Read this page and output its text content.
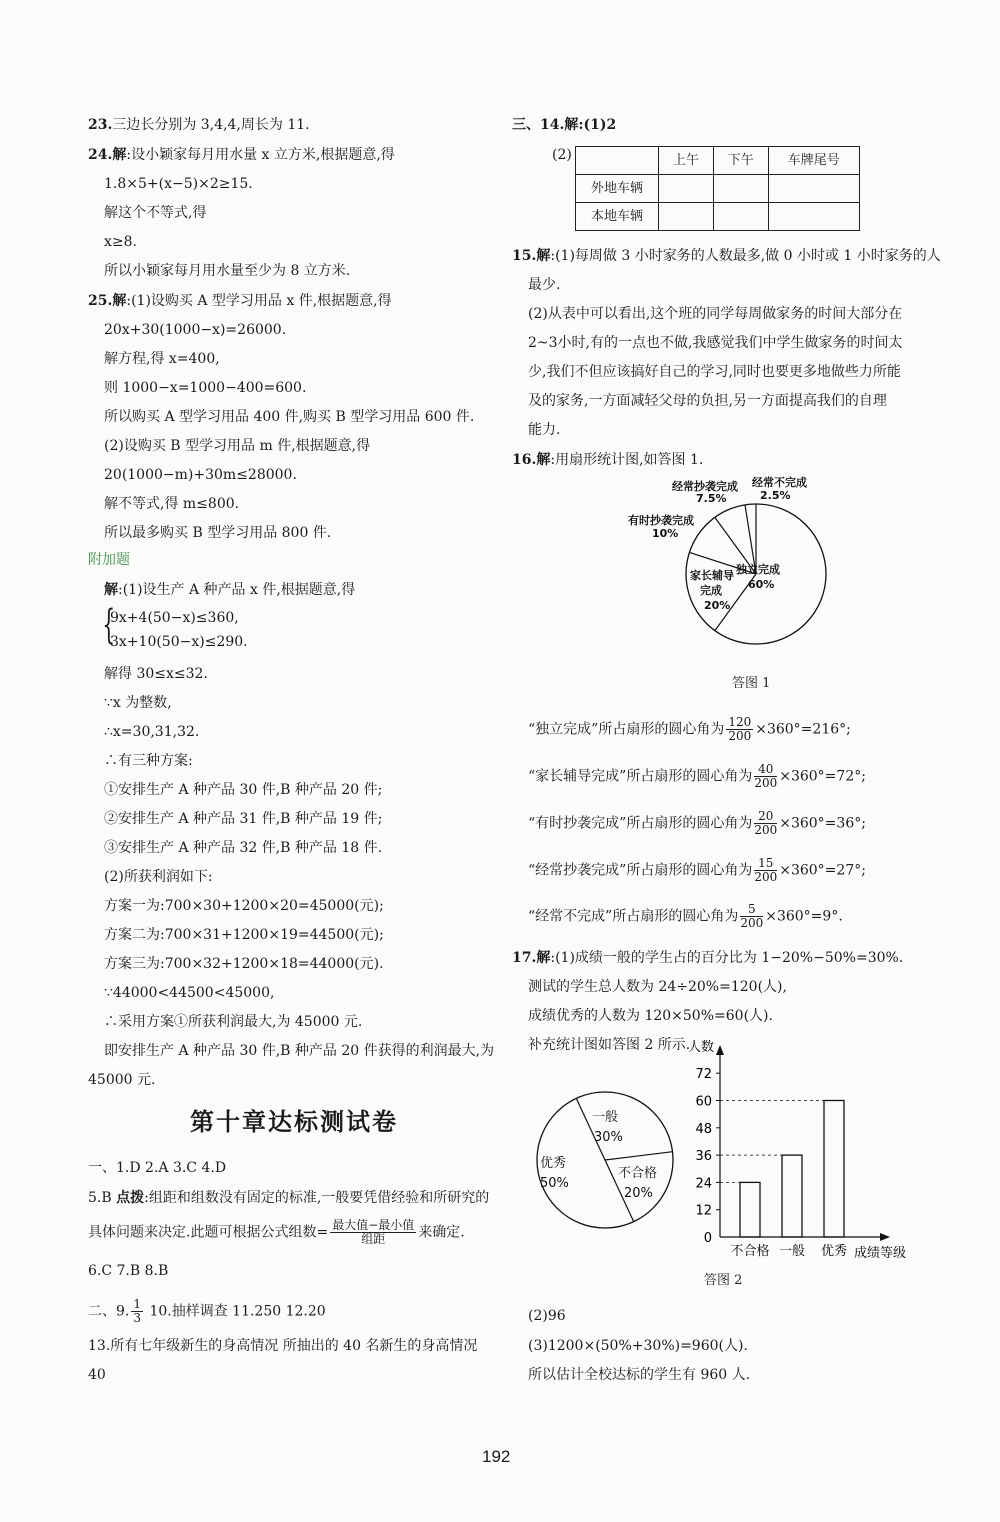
23.三边长分别为 3,4,4,周长为 11.
24.解:设小颖家每月用水量 x 立方米,根据题意,得
1.8×5+(x−5)×2≥15.
解这个不等式,得
x≥8.
所以小颖家每月用水量至少为 8 立方米.
25.解:(1)设购买 A 型学习用品 x 件,根据题意,得
20x+30(1000−x)=26000.
解方程,得 x=400,
则 1000−x=1000−400=600.
所以购买 A 型学习用品 400 件,购买 B 型学习用品 600 件.
(2)设购买 B 型学习用品 m 件,根据题意,得
20(1000−m)+30m≤28000.
解不等式,得 m≤800.
所以最多购买 B 型学习用品 800 件.
附加题
解:(1)设生产 A 种产品 x 件,根据题意,得
{
9x+4(50−x)≤360,
3x+10(50−x)≤290.
解得 30≤x≤32.
∵x 为整数,
∴x=30,31,32.
∴有三种方案:
①安排生产 A 种产品 30 件,B 种产品 20 件;
②安排生产 A 种产品 31 件,B 种产品 19 件;
③安排生产 A 种产品 32 件,B 种产品 18 件.
(2)所获利润如下:
方案一为:700×30+1200×20=45000(元);
方案二为:700×31+1200×19=44500(元);
方案三为:700×32+1200×18=44000(元).
∵44000<44500<45000,
∴采用方案①所获利润最大,为 45000 元.
即安排生产 A 种产品 30 件,B 种产品 20 件获得的利润最大,为
45000 元.
第十章达标测试卷
一、1.D 2.A 3.C 4.D
5.B 点拨:组距和组数没有固定的标准,一般要凭借经验和所研究的
具体问题来决定.此题可根据公式组数= $\frac{\text{最大值−最小值}}{\text{组距}}$ 来确定.
6.C 7.B 8.B
二、9. $\frac{1}{3} 10$.抽样调查 11.250 12.20
13.所有七年级新生的身高情况 所抽出的 40 名新生的身高情况
40
三、14.解:(1)2
(2)
		上午	下午	车牌尾号
外地车辆			
本地车辆			
15.解:(1)每周做 3 小时家务的人数最多,做 0 小时或 1 小时家务的人
最少.
(2)从表中可以看出,这个班的同学每周做家务的时间大部分在
2~3小时,有的一点也不做,我感觉我们中学生做家务的时间太
少,我们不但应该搞好自己的学习,同时也要更多地做些力所能
及的家务,一方面减轻父母的负担,另一方面提高我们的自理
能力.
16.解:用扇形统计图,如答图 1.
独立完成
60%
家长辅导
完成
20%
有时抄袭完成
10%
经常抄袭完成
7.5%
经常不完成
2.5%
答图 1
“独立完成”所占扇形的圆心角为 $\frac{120}{200} \times 360^\circ=216^\circ$;
“家长辅导完成”所占扇形的圆心角为 $\frac{40}{200} \times 360^\circ=72^\circ$;
“有时抄袭完成”所占扇形的圆心角为 $\frac{20}{200} \times 360^\circ=36^\circ$;
“经常抄袭完成”所占扇形的圆心角为 $\frac{15}{200} \times 360^\circ=27^\circ$;
“经常不完成”所占扇形的圆心角为 $\frac{5}{200} \times 360^\circ=9^\circ$.
17.解:(1)成绩一般的学生占的百分比为 1−20%−50%=30%.
测试的学生总人数为 24÷20%=120(人),
成绩优秀的人数为 120×50%=60(人).
补充统计图如答图 2 所示.
一般
30%
优秀
50%
不合格
20%
人数
成绩等级
0
12
24
36
48
60
72
不合格 一般 优秀
答图 2
(2)96
(3)1200×(50%+30%)=960(人).
所以估计全校达标的学生有 960 人.
192
